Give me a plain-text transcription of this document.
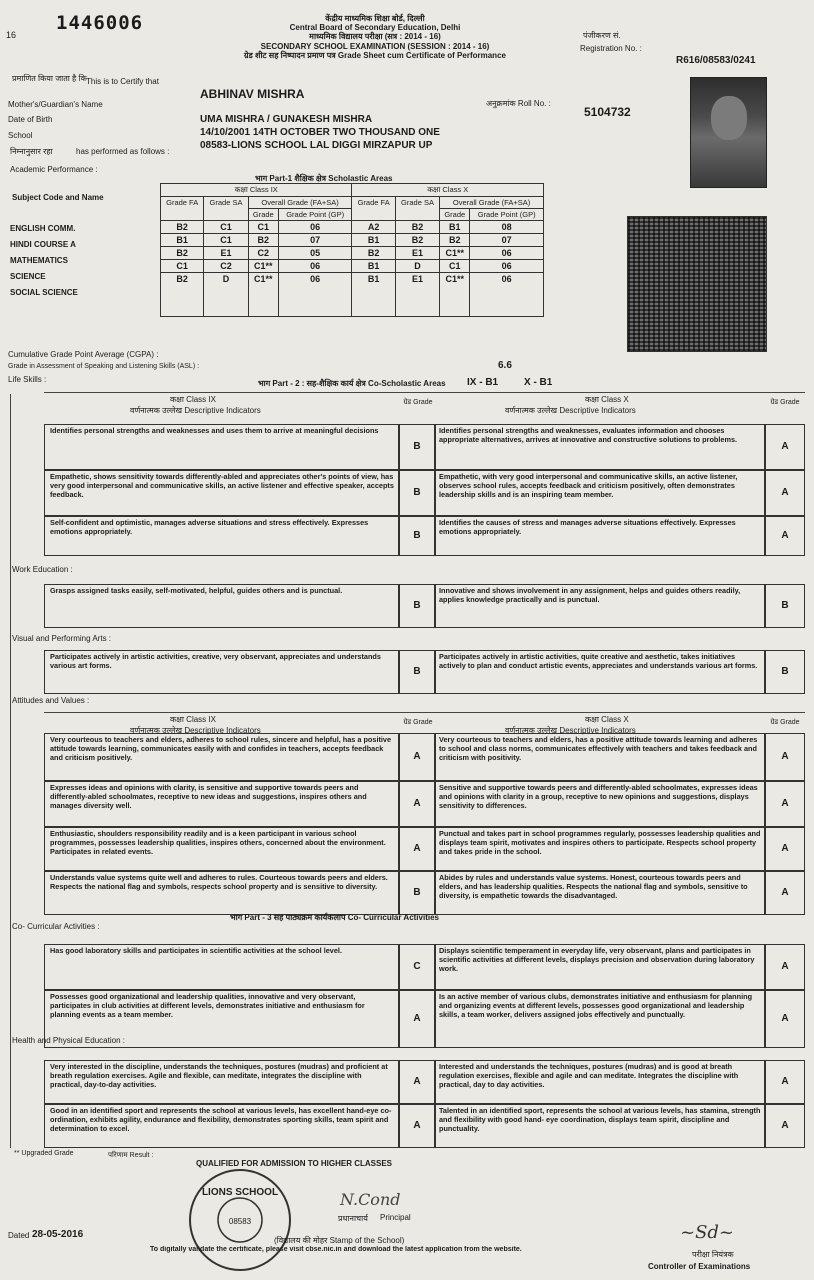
1446006
16
केंद्रीय माध्यमिक शिक्षा बोर्ड, दिल्ली
Central Board of Secondary Education, Delhi
माध्यमिक विद्यालय परीक्षा (सत्र : 2014 - 16)
SECONDARY SCHOOL EXAMINATION (SESSION : 2014 - 16)
ग्रेड शीट सह निष्पादन प्रमाण पत्र Grade Sheet cum Certificate of Performance
पंजीकरण सं.
Registration No. :
R616/08583/0241
अनुक्रमांक Roll No. :
5104732
प्रमाणित किया जाता है कि This is to Certify that
ABHINAV MISHRA
Mother's/Guardian's Name
UMA MISHRA / GUNAKESH MISHRA
Date of Birth
14/10/2001 14TH OCTOBER TWO THOUSAND ONE
School
08583-LIONS SCHOOL LAL DIGGI MIRZAPUR UP
निम्नानुसार रहा	has performed as follows :
Academic Performance :
भाग Part-1 शैक्षिक क्षेत्र Scholastic Areas
कक्षा Class IX				कक्षा Class X			
Grade FA	Grade SA	Overall Grade (FA+SA)		Grade FA	Grade SA	Overall Grade (FA+SA)	
		Grade	Grade Point (GP)			Grade	Grade Point (GP)
B2	C1	C1	06	A2	B2	B1	08
B1	C1	B2	07	B1	B2	B2	07
B2	E1	C2	05	B2	E1	C1**	06
C1	C2	C1**	06	B1	D	C1	06
B2	D	C1**	06	B1	E1	C1**	06
Subject Code and Name
ENGLISH COMM.
HINDI COURSE A
MATHEMATICS
SCIENCE
SOCIAL SCIENCE
Cumulative Grade Point Average (CGPA) :
6.6
Grade in Assessment of Speaking and Listening Skills (ASL) :
Life Skills :	भाग Part - 2 : सह-शैक्षिक कार्य क्षेत्र Co-Scholastic Areas IX - B1	X - B1
कक्षा Class IX	कक्षा Class X
वर्णनात्मक उल्लेख Descriptive Indicators
ग्रेड Grade
वर्णनात्मक उल्लेख Descriptive Indicators
ग्रेड Grade
Identifies personal strengths and weaknesses and uses them to arrive at meaningful decisions
B
Identifies personal strengths and weaknesses, evaluates information and chooses appropriate alternatives, arrives at innovative and constructive solutions to problems.
A
Empathetic, shows sensitivity towards differently-abled and appreciates other's points of view, has very good interpersonal and communicative skills, an active listener and effective speaker, accepts feedback.	B
Empathetic, with very good interpersonal and communicative skills, an active listener, observes school rules, accepts feedback and criticism positively, often demonstrates leadership skills and is an inspiring team member.	A
Self-confident and optimistic, manages adverse situations and stress effectively. Expresses emotions appropriately.	B
Identifies the causes of stress and manages adverse situations effectively. Expresses emotions appropriately.	A
Work Education :
Grasps assigned tasks easily, self-motivated, helpful, guides others and is punctual.
B
Innovative and shows involvement in any assignment, helps and guides others readily, applies knowledge practically and is punctual.
B
Visual and Performing Arts :
Participates actively in artistic activities, creative, very observant, appreciates and understands various art forms.
B
Participates actively in artistic activities, quite creative and aesthetic, takes initiatives actively to plan and conduct artistic events, appreciates and understands various art forms.
B
Attitudes and Values :
कक्षा Class IX	कक्षा Class X
वर्णनात्मक उल्लेख Descriptive Indicators
ग्रेड Grade
वर्णनात्मक उल्लेख Descriptive Indicators
ग्रेड Grade
Very courteous to teachers and elders, adheres to school rules, sincere and helpful, has a positive attitude towards learning, communicates easily with and confides in teachers, accepts feedback and criticism positively.	A
Very courteous to teachers and elders, has a positive attitude towards learning and adheres to school and class norms, communicates effectively with teachers and takes feedback and criticism with positivity.	A
Expresses ideas and opinions with clarity, is sensitive and supportive towards peers and differently-abled schoolmates, receptive to new ideas and suggestions, inspires others and manages diversity well.	A
Sensitive and supportive towards peers and differently-abled schoolmates, expresses ideas and opinions with clarity in a group, receptive to new opinions and suggestions, displays sensitivity to differences.	A
Enthusiastic, shoulders responsibility readily and is a keen participant in various school programmes, possesses leadership qualities, inspires others, concerned about the environment. Participates in related events.	A
Punctual and takes part in school programmes regularly, possesses leadership qualities and displays team spirit, motivates and inspires others to participate. Respects school property and takes pride in the school.	A
Understands value systems quite well and adheres to rules. Courteous towards peers and elders. Respects the national flag and symbols, respects school property and is sensitive to diversity.
B
Abides by rules and understands value systems. Honest, courteous towards peers and elders, and has leadership qualities. Respects the national flag and symbols, sensitive to diversity, is empathetic towards the disadvantaged.	A
भाग Part - 3 सह पाठ्यक्रम कार्यकलाप Co- Curricular Activities
Co- Curricular Activities :
Has good laboratory skills and participates in scientific activities at the school level.
C
Displays scientific temperament in everyday life, very observant, plans and participates in scientific activities at different levels, displays precision and observation during laboratory work.	A
Possesses good organizational and leadership qualities, innovative and very observant, participates in club activities at different levels, demonstrates initiative and enthusiasm for planning events as a team member.	A
Is an active member of various clubs, demonstrates initiative and enthusiasm for planning and organizing events at different levels, possesses good organizational and leadership skills, a team worker, delivers assigned jobs effectively and punctually.	A
Health and Physical Education :
Very interested in the discipline, understands the techniques, postures (mudras) and proficient at breath regulation exercises. Agile and flexible, can meditate, integrates the discipline with practical, day-to-day activities.	A
Interested and understands the techniques, postures (mudras) and is good at breath regulation exercises, flexible and agile and can meditate. Integrates the discipline with practical, day to day activities.	A
Good in an identified sport and represents the school at various levels, has excellent hand-eye co-ordination, exhibits agility, endurance and flexibility, demonstrates sporting skills, team spirit and determination to excel.	A
Talented in an identified sport, represents the school at various levels, has stamina, strength and flexibility with good hand- eye coordination, displays team spirit, discipline and punctuality.	A
** Upgraded Grade	परिणाम Result :
QUALIFIED FOR ADMISSION TO HIGHER CLASSES
LIONS SCHOOL
08583
N.Cond
प्रधानाचार्य Principal
(विद्यालय की मोहर Stamp of the School)
Dated 28-05-2016	~Sd~
परीक्षा नियंत्रक
Controller of Examinations
To digitally validate the certificate, please visit cbse.nic.in and download the latest application from the website.
